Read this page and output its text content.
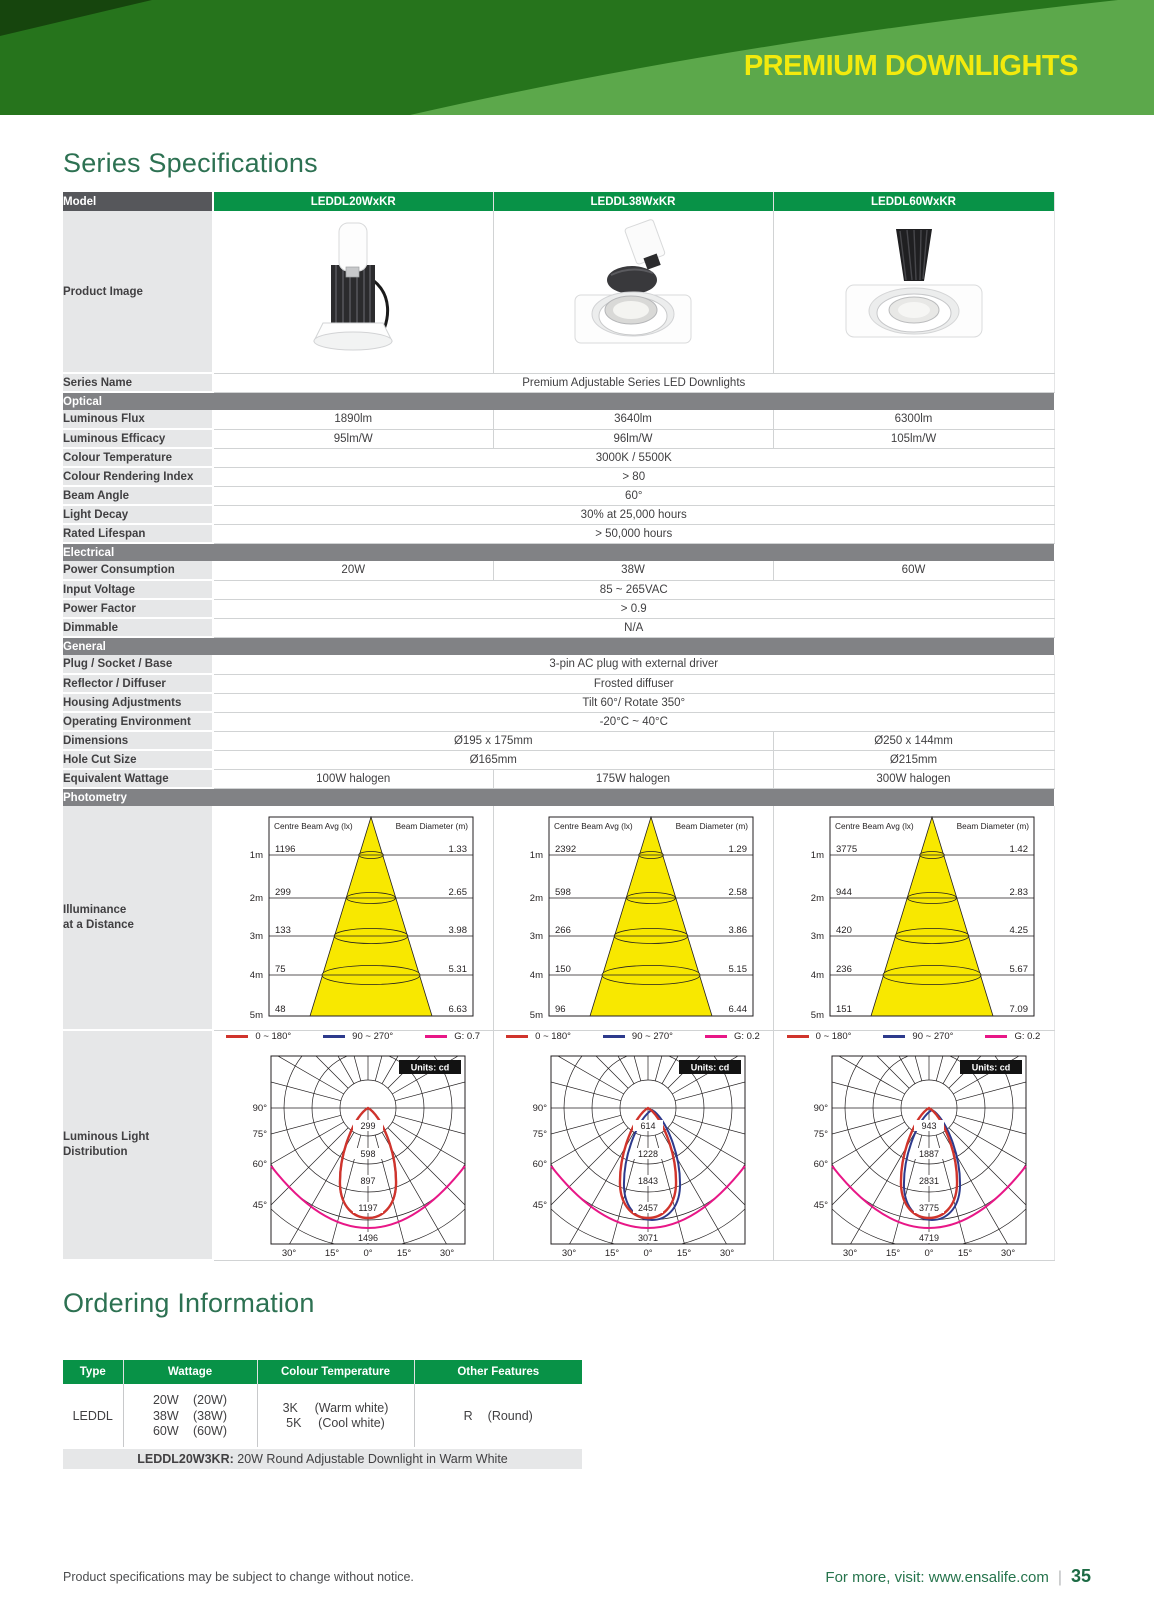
PREMIUM DOWNLIGHTS
Series Specifications
Model	LEDDL20WxKR	LEDDL38WxKR	LEDDL60WxKR
Product Image	

Series Name	Premium Adjustable Series LED Downlights		
Optical			
Luminous Flux	1890lm	3640lm	6300lm
Luminous Efficacy	95lm/W	96lm/W	105lm/W
Colour Temperature	3000K / 5500K		
Colour Rendering Index	> 80		
Beam Angle	60°		
Light Decay	30% at 25,000 hours		
Rated Lifespan	> 50,000 hours		
Electrical			
Power Consumption	20W	38W	60W
Input Voltage	85 ~ 265VAC		
Power Factor	> 0.9		
Dimmable	N/A		
General			
Plug / Socket / Base	3-pin AC plug with external driver		
Reflector / Diffuser	Frosted diffuser		
Housing Adjustments	Tilt 60°/ Rotate 350°		
Operating Environment	-20°C ~ 40°C		
Dimensions	Ø195 x 175mm		Ø250 x 144mm
Hole Cut Size	Ø165mm		Ø215mm
Equivalent Wattage	100W halogen	175W halogen	300W halogen
Photometry			

Illuminance
at a Distance

Centre Beam Avg (lx)	Beam Diameter (m)
1m
2m
3m
4m
5m
1196
299
133
75
48
1.33
2.65
3.98
5.31
6.63

Centre Beam Avg (lx)	Beam Diameter (m)
1m
2m
3m
4m
5m
2392
598
266
150
96
1.29
2.58
3.86
5.15
6.44

Centre Beam Avg (lx)	Beam Diameter (m)
1m
2m
3m
4m
5m
3775
944
420
236
151
1.42
2.83
4.25
5.67
7.09

Luminous Light
Distribution

0 ~ 180°	90 ~ 270°	G: 0.7
299
598
897
1197
1496
90°
75°
60°
45°
30°	15°	0°	15°	30°
Units: cd

0 ~ 180°	90 ~ 270°	G: 0.2
614
1228
1843
2457
3071
90°
75°
60°
45°
30°	15°	0°	15°	30°
Units: cd

0 ~ 180°	90 ~ 270°	G: 0.2
943
1887
2831
3775
4719
90°
75°
60°
45°
30°	15°	0°	15°	30°
Units: cd
Ordering Information
Type	Wattage	Colour Temperature	Other Features
LEDDL	
20W	(20W)
38W	(38W)
60W	(60W)

3K	(Warm white)
5K	(Cool white)

R	(Round)

LEDDL20W3KR: 20W Round Adjustable Downlight in Warm White			
Product specifications may be subject to change without notice.	For more, visit: www.ensalife.com | 35
